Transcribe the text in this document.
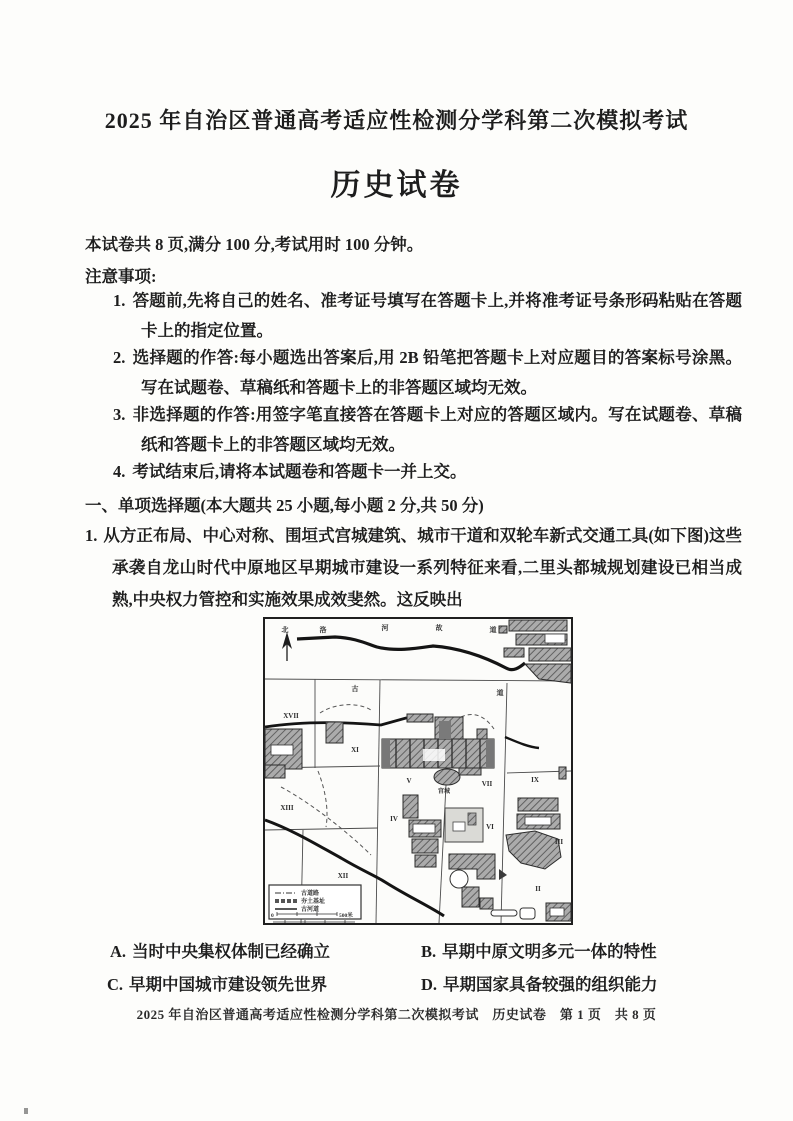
2025 年自治区普通高考适应性检测分学科第二次模拟考试
历史试卷
本试卷共 8 页,满分 100 分,考试用时 100 分钟。
注意事项:
1. 答题前,先将自己的姓名、准考证号填写在答题卡上,并将准考证号条形码粘贴在答题卡上的指定位置。
2. 选择题的作答:每小题选出答案后,用 2B 铅笔把答题卡上对应题目的答案标号涂黑。写在试题卷、草稿纸和答题卡上的非答题区域均无效。
3. 非选择题的作答:用签字笔直接答在答题卡上对应的答题区域内。写在试题卷、草稿纸和答题卡上的非答题区域均无效。
4. 考试结束后,请将本试题卷和答题卡一并上交。
一、单项选择题(本大题共 25 小题,每小题 2 分,共 50 分)
1. 从方正布局、中心对称、围垣式宫城建筑、城市干道和双轮车新式交通工具(如下图)这些承袭自龙山时代中原地区早期城市建设一系列特征来看,二里头都城规划建设已相当成熟,中央权力管控和实施效果成效斐然。这反映出
北	洛	河	故	道
古	道
XVII
XI
XIII
XII
IV
V	VII	IX
VI
III
II
宫城
古道路
夯土基址
古河道
0	500米
A. 当时中央集权体制已经确立	B. 早期中原文明多元一体的特性
C. 早期中国城市建设领先世界	D. 早期国家具备较强的组织能力
2025 年自治区普通高考适应性检测分学科第二次模拟考试　历史试卷　第 1 页　共 8 页
